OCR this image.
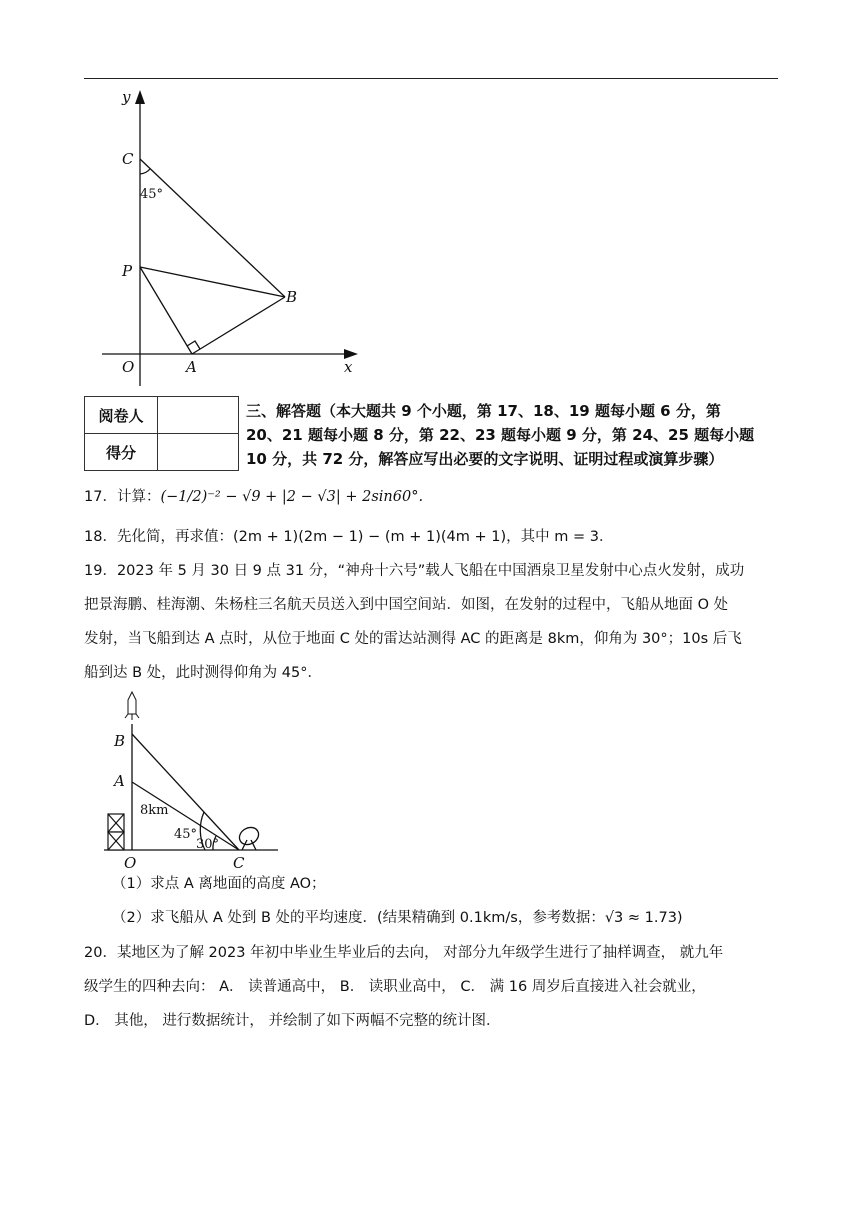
y
x
O
C
P
B
A
45°
阅卷人	
得分	
三、解答题（本大题共 9 个小题，第 17、18、19 题每小题 6 分，第
20、21 题每小题 8 分，第 22、23 题每小题 9 分，第 24、25 题每小题
10 分，共 72 分，解答应写出必要的文字说明、证明过程或演算步骤）
17．计算：(−1/2)⁻² − √9 + |2 − √3| + 2sin60°.
18．先化简，再求值：(2m + 1)(2m − 1) − (m + 1)(4m + 1)，其中 m = 3．
19．2023 年 5 月 30 日 9 点 31 分，“神舟十六号”载人飞船在中国酒泉卫星发射中心点火发射，成功
把景海鹏、桂海潮、朱杨柱三名航天员送入到中国空间站．如图，在发射的过程中，飞船从地面 O 处
发射，当飞船到达 A 点时，从位于地面 C 处的雷达站测得 AC 的距离是 8km，仰角为 30°；10s 后飞
船到达 B 处，此时测得仰角为 45°．
B
A
O	C
8km
45°
30°
（1）求点 A 离地面的高度 AO；
（2）求飞船从 A 处到 B 处的平均速度．(结果精确到 0.1km/s，参考数据：√3 ≈ 1.73)
20．某地区为了解 2023 年初中毕业生毕业后的去向， 对部分九年级学生进行了抽样调查， 就九年
级学生的四种去向： A． 读普通高中， B． 读职业高中， C． 满 16 周岁后直接进入社会就业，
D． 其他， 进行数据统计， 并绘制了如下两幅不完整的统计图．
